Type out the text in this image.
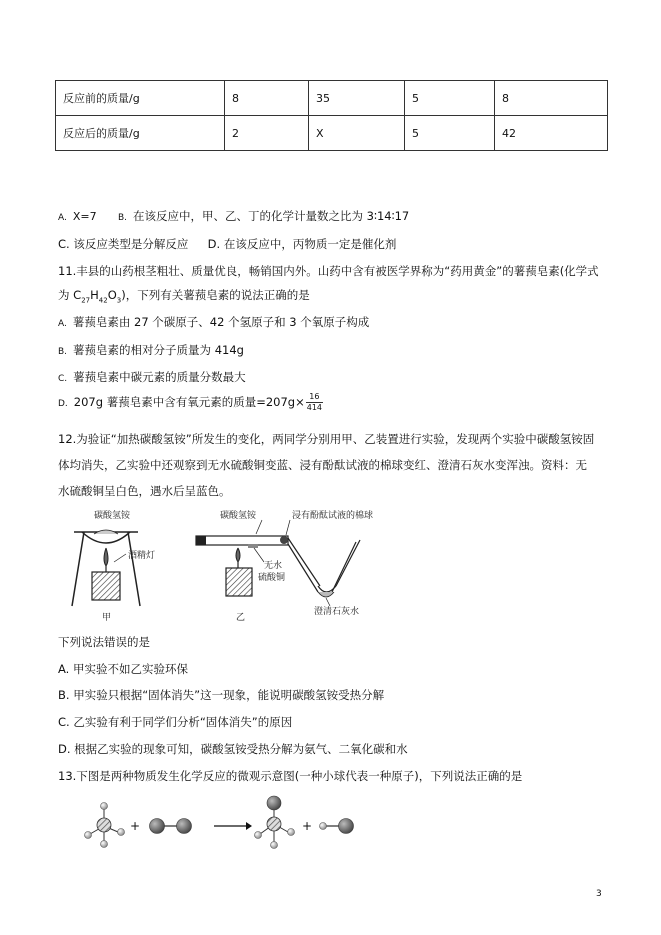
反应前的质量/g	8	35	5	8
反应后的质量/g	2	X	5	42
A. X=7 B. 在该反应中，甲、乙、丁的化学计量数之比为 3∶14∶17
C. 该反应类型是分解反应 D. 在该反应中，丙物质一定是催化剂
11.丰县的山药根茎粗壮、质量优良，畅销国内外。山药中含有被医学界称为“药用黄金”的薯蓣皂素(化学式
为 $C_{27}H_{42}O_3$)，下列有关薯蓣皂素的说法正确的是
A. 薯蓣皂素由 27 个碳原子、42 个氢原子和 3 个氧原子构成
B. 薯蓣皂素的相对分子质量为 414g
C. 薯蓣皂素中碳元素的质量分数最大
D. 207g 薯蓣皂素中含有氧元素的质量$=207g\times \frac{16}{414}$
12.为验证“加热碳酸氢铵”所发生的变化，两同学分别用甲、乙装置进行实验，发现两个实验中碳酸氢铵固
体均消失，乙实验中还观察到无水硫酸铜变蓝、浸有酚酞试液的棉球变红、澄清石灰水变浑浊。资料：无
水硫酸铜呈白色，遇水后呈蓝色。
碳酸氢铵
酒精灯
甲
碳酸氢铵	浸有酚酞试液的棉球
无水
硫酸铜
澄清石灰水
乙
下列说法错误的是
A. 甲实验不如乙实验环保
B. 甲实验只根据“固体消失”这一现象，能说明碳酸氢铵受热分解
C. 乙实验有利于同学们分析“固体消失”的原因
D. 根据乙实验的现象可知，碳酸氢铵受热分解为氨气、二氧化碳和水
13.下图是两种物质发生化学反应的微观示意图(一种小球代表一种原子)，下列说法正确的是
+	+
3
